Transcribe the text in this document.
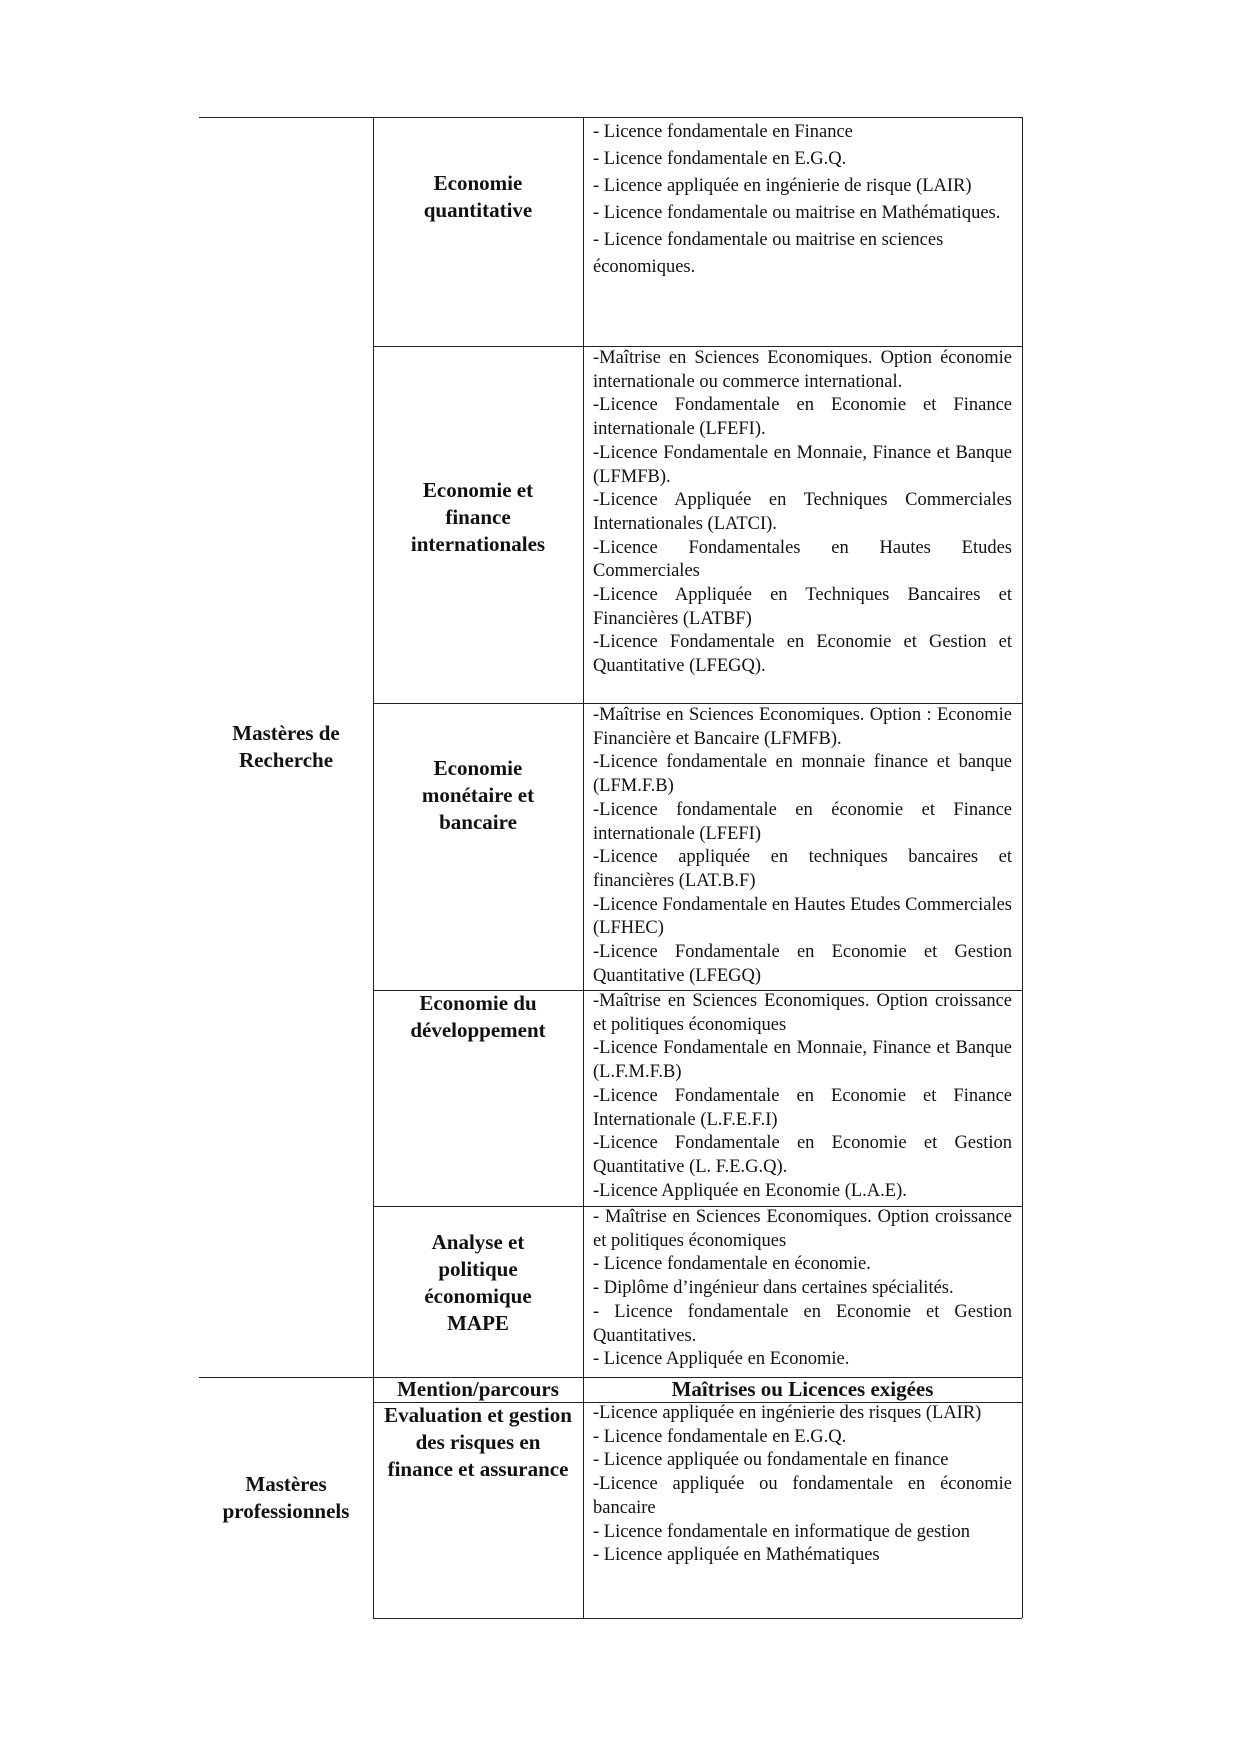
Mastères de Recherche
Mastères professionnels
Economie quantitative
- Licence fondamentale en Finance
- Licence fondamentale en E.G.Q.
- Licence appliquée en ingénierie de risque (LAIR)
- Licence fondamentale ou maitrise en Mathématiques.
- Licence fondamentale ou maitrise en sciences économiques.
Economie et finance internationales
-Maîtrise en Sciences Economiques. Option économie internationale ou commerce international.
-Licence Fondamentale en Economie et Finance internationale (LFEFI).
-Licence Fondamentale en Monnaie, Finance et Banque (LFMFB).
-Licence Appliquée en Techniques Commerciales Internationales (LATCI).
-Licence Fondamentales en Hautes Etudes Commerciales
-Licence Appliquée en Techniques Bancaires et Financières (LATBF)
-Licence Fondamentale en Economie et Gestion et Quantitative (LFEGQ).
Economie monétaire et bancaire
-Maîtrise en Sciences Economiques. Option : Economie Financière et Bancaire (LFMFB).
-Licence fondamentale en monnaie finance et banque (LFM.F.B)
-Licence fondamentale en économie et Finance internationale (LFEFI)
-Licence appliquée en techniques bancaires et financières (LAT.B.F)
-Licence Fondamentale en Hautes Etudes Commerciales (LFHEC)
-Licence Fondamentale en Economie et Gestion Quantitative (LFEGQ)
Economie du développement
-Maîtrise en Sciences Economiques. Option croissance et politiques économiques
-Licence Fondamentale en Monnaie, Finance et Banque (L.F.M.F.B)
-Licence Fondamentale en Economie et Finance Internationale (L.F.E.F.I)
-Licence Fondamentale en Economie et Gestion Quantitative (L. F.E.G.Q).
-Licence Appliquée en Economie (L.A.E).
Analyse et politique économique MAPE
- Maîtrise en Sciences Economiques. Option croissance et politiques économiques
- Licence fondamentale en économie.
- Diplôme d’ingénieur dans certaines spécialités.
- Licence fondamentale en Economie et Gestion Quantitatives.
- Licence Appliquée en Economie.
Mention/parcours	Maîtrises ou Licences exigées
Evaluation et gestion des risques en finance et assurance
-Licence appliquée en ingénierie des risques (LAIR)
- Licence fondamentale en E.G.Q.
- Licence appliquée ou fondamentale en finance
-Licence appliquée ou fondamentale en économie bancaire
- Licence fondamentale en informatique de gestion
- Licence appliquée en Mathématiques
